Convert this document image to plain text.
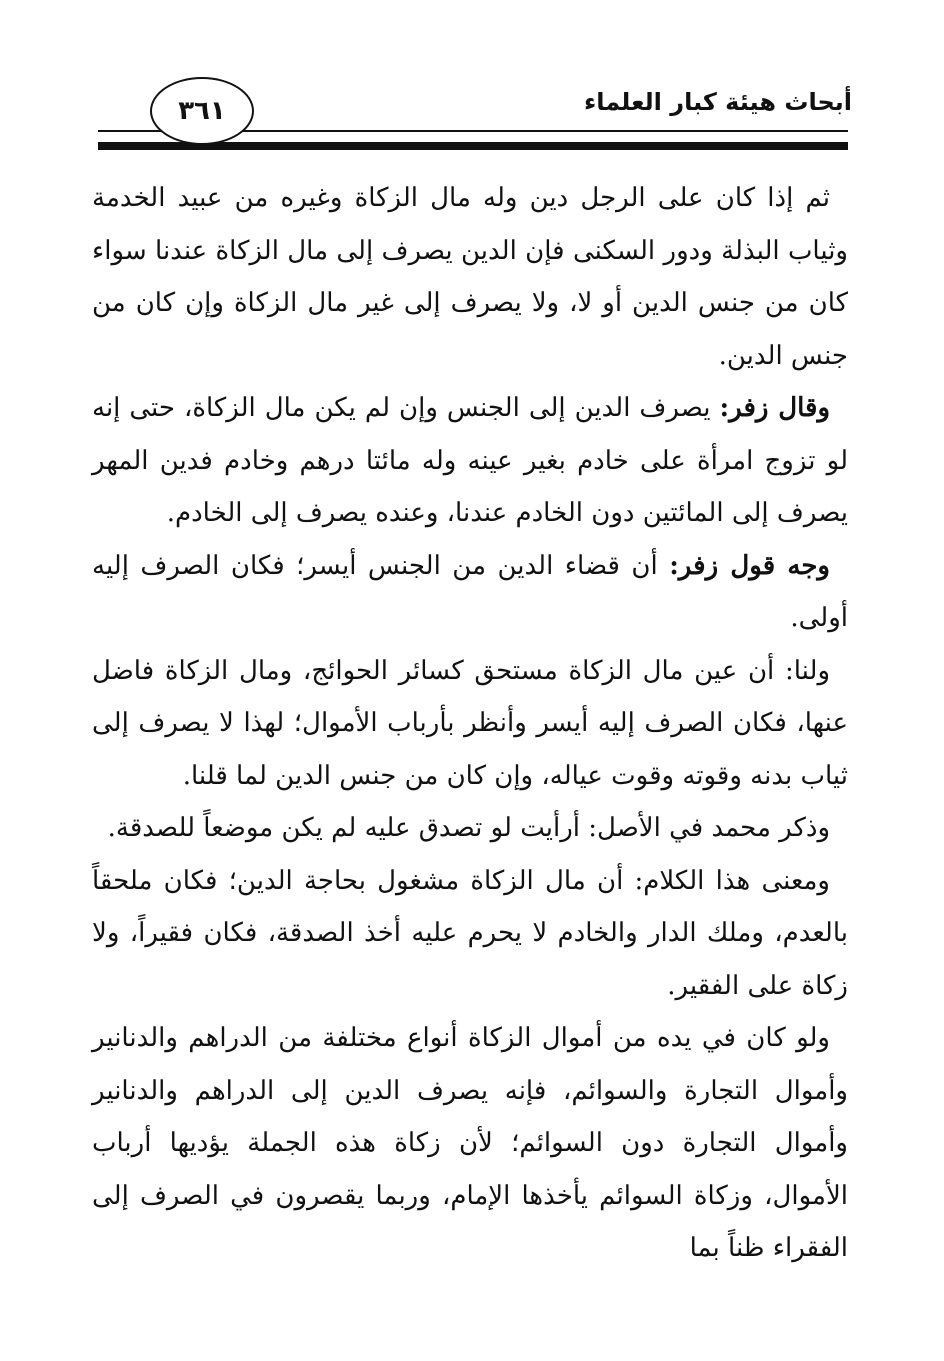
أبحاث هيئة كبار العلماء
٣٦١

ثم إذا كان على الرجل دين وله مال الزكاة وغيره من عبيد الخدمة وثياب البذلة ودور السكنى فإن الدين يصرف إلى مال الزكاة عندنا سواء كان من جنس الدين أو لا، ولا يصرف إلى غير مال الزكاة وإن كان من جنس الدين.

وقال زفر: يصرف الدين إلى الجنس وإن لم يكن مال الزكاة، حتى إنه لو تزوج امرأة على خادم بغير عينه وله مائتا درهم وخادم فدين المهر يصرف إلى المائتين دون الخادم عندنا، وعنده يصرف إلى الخادم.

وجه قول زفر: أن قضاء الدين من الجنس أيسر؛ فكان الصرف إليه أولى.

ولنا: أن عين مال الزكاة مستحق كسائر الحوائج، ومال الزكاة فاضل عنها، فكان الصرف إليه أيسر وأنظر بأرباب الأموال؛ لهذا لا يصرف إلى ثياب بدنه وقوته وقوت عياله، وإن كان من جنس الدين لما قلنا.

وذكر محمد في الأصل: أرأيت لو تصدق عليه لم يكن موضعاً للصدقة.

ومعنى هذا الكلام: أن مال الزكاة مشغول بحاجة الدين؛ فكان ملحقاً بالعدم، وملك الدار والخادم لا يحرم عليه أخذ الصدقة، فكان فقيراً، ولا زكاة على الفقير.

ولو كان في يده من أموال الزكاة أنواع مختلفة من الدراهم والدنانير وأموال التجارة والسوائم، فإنه يصرف الدين إلى الدراهم والدنانير وأموال التجارة دون السوائم؛ لأن زكاة هذه الجملة يؤديها أرباب الأموال، وزكاة السوائم يأخذها الإمام، وربما يقصرون في الصرف إلى الفقراء ظناً بما
